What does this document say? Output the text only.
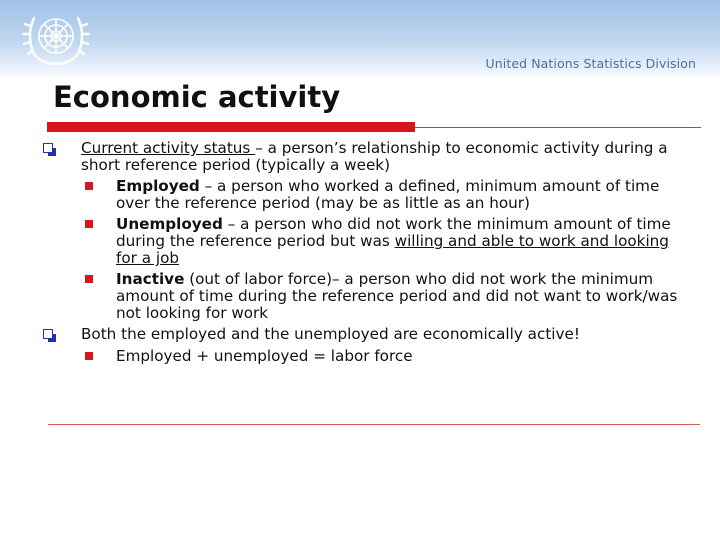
United Nations Statistics Division
Economic activity
Current activity status – a person’s relationship to economic activity during a short reference period (typically a week)
Employed – a person who worked a defined, minimum amount of time over the reference period (may be as little as an hour)
Unemployed – a person who did not work the minimum amount of time during the reference period but was willing and able to work and looking for a job
Inactive (out of labor force)– a person who did not work the minimum amount of time during the reference period and did not want to work/was not looking for work
Both the employed and the unemployed are economically active!
Employed + unemployed = labor force
